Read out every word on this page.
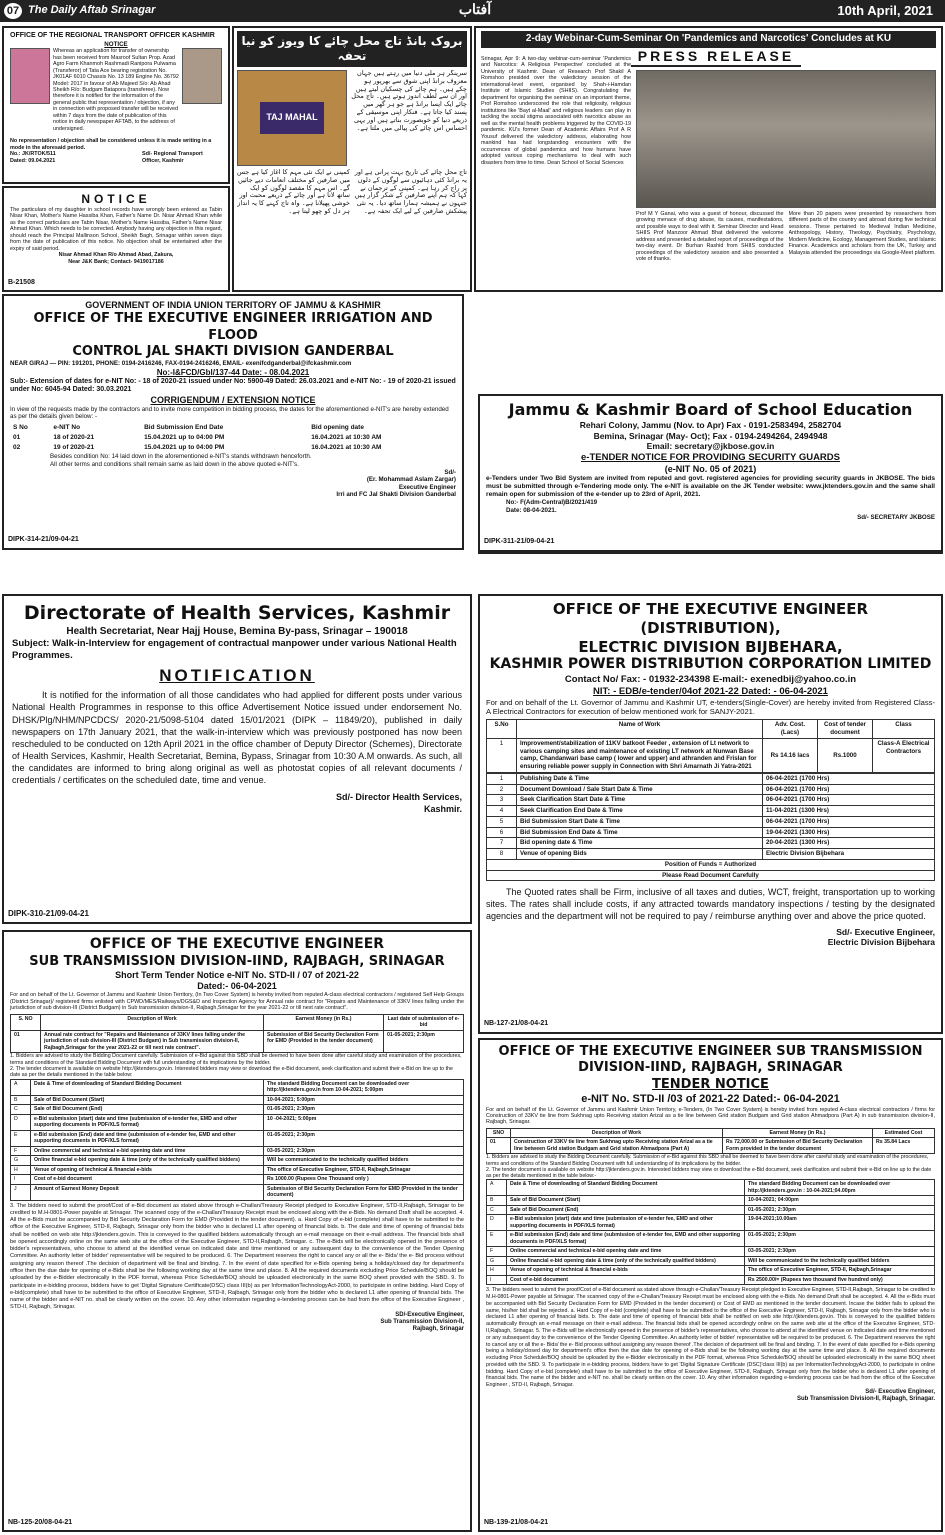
07 The Daily Aftab Srinagar	آفتاب	10th April, 2021
OFFICE OF THE REGIONAL TRANSPORT OFFICER KASHMIR
NOTICE
Whereas an application for transfer of ownership has been received from Masroof Sultan Prop. Azad Agro Farm Khanmoh Rashmadi Ranipora Pulwama (Transferor) of Tata Ace bearing registration No. JK01AF 6010 Chassis No. 13 189 Engine No. 36792 Model: 2017 in favour of Ab Majeed S/o: Ab Ahad Sheikh R/o: Budgam Batapora (transferee). Now therefore it is notified for the information of the general public that representation / objection, if any in connection with proposed transfer will be received within 7 days from the date of publication of this notice in daily newspaper AFTAB, to the address of undersigned.
No representation / objection shall be considered unless it is made writing in a mode in the aforesaid period.
No.: JK/RTOK/511
Dated: 09.04.2021
Sd/- Regional Transport Officer, Kashmir
NOTICE
The particulars of my daughter in school records have wrongly been entered as Tabin Nisar Khan, Mother's Name Hassiba Khan, Father's Name Dr. Nisar Ahmad Khan while as the correct particulars are Tabin Nisar, Mother's Name Hassiba, Father's Name Nisar Ahmad Khan. Which needs to be corrected. Anybody having any objection in this regard, should reach the Principal Mallinson School, Sheikh Bagh, Srinagar within seven days from the date of publication of this notice. No objection shall be entertained after the expiry of said period.
Nisar Ahmad Khan R/o Ahmad Abad, Zakura,
Near J&K Bank; Contact- 9419017186
B-21508
بروک بانڈ تاج محل چائے کا ویوز کو نیا تحفہ
TAJ MAHAL
سرینگر ہر ملی دنیا میں رہتے ہیں جہاں معروف برانڈ اپنی شوق سے بھرپور ہو چکے ہیں۔ ہم چائے کی چسکیاں لیتے ہیں اور ان سے لطف اندوز ہوتے ہیں۔ تاج محل چائے ایک ایسا برانڈ ہے جو ہر گھر میں پسند کیا جاتا ہے۔ فنکار اپنی موسیقی کے ذریعے دنیا کو خوبصورت بناتے ہیں اور یہی احساس اس چائے کی پیالی میں ملتا ہے۔
کمپنی نے ایک نئی مہم کا آغاز کیا ہے جس میں صارفین کو مختلف انعامات دیے جائیں گے۔ اس مہم کا مقصد لوگوں کو ایک ساتھ لانا ہے اور چائے کے ذریعے محبت اور خوشی پھیلانا ہے۔ واہ تاج کہنے کا یہ انداز ہر دل کو چھو لیتا ہے۔
تاج محل چائے کی تاریخ بہت پرانی ہے اور یہ برانڈ کئی دہائیوں سے لوگوں کے دلوں پر راج کر رہا ہے۔ کمپنی کے ترجمان نے کہا کہ ہم اپنے صارفین کے شکر گزار ہیں جنہوں نے ہمیشہ ہمارا ساتھ دیا۔ یہ نئی پیشکش صارفین کے لیے ایک تحفہ ہے۔
2-day Webinar-Cum-Seminar On 'Pandemics and Narcotics' Concludes at KU
PRESS RELEASE
Srinagar, Apr 9: A two-day webinar-cum-seminar 'Pandemics and Narcotics: A Religious Perspective' concluded at the University of Kashmir. Dean of Research Prof Shakil A Romshoo presided over the valedictory session of the international-level event, organised by Shah-i-Hamdan Institute of Islamic Studies (SHIIS). Congratulating the department for organising the seminar on an important theme, Prof Romshoo underscored the role that religiosity, religious institutions like 'Bayt al-Maal' and religious leaders can play in tackling the social stigma associated with narcotics abuse as well as the mental health problems triggered by the COVID-19 pandemic. KU's former Dean of Academic Affairs Prof A R Yousuf delivered the valedictory address, elaborating how mankind has had longstanding encounters with the occurrences of global pandemics and how humans have adopted various coping mechanisms to deal with such disasters from time to time. Dean School of Social Sciences
Prof M Y Ganai, who was a guest of honour, discussed the growing menace of drug abuse, its causes, manifestations, and possible ways to deal with it. Seminar Director and Head SHIIS Prof Manzoor Ahmad Bhat delivered the welcome address and presented a detailed report of proceedings of the two-day event. Dr Burhan Rashid from SHIIS conducted proceedings of the valedictory session and also presented a vote of thanks.
More than 20 papers were presented by researchers from different parts of the country and abroad during five technical sessions. These pertained to Medieval Indian Medicine, Anthropology, History, Theology, Psychiatry, Psychology, Modern Medicine, Ecology, Management Studies, and Islamic Finance. Academics and scholars from the UK, Turkey and Malaysia attended the proceedings via Google-Meet platform.
GOVERNMENT OF INDIA UNION TERRITORY OF JAMMU & KASHMIR
OFFICE OF THE EXECUTIVE ENGINEER IRRIGATION AND FLOOD
CONTROL JAL SHAKTI DIVISION GANDERBAL
NEAR GIRAJ — PIN: 191201, PHONE: 0194-2416246, FAX-0194-2416246, EMAIL- exenifcdganderbal@ifckashmir.com
No:-I&FCD/Gbl/137-44 Date: - 08.04.2021
Sub:- Extension of dates for e-NIT No: - 18 of 2020-21 issued under No: 5900-49 Dated: 26.03.2021 and e-NIT No: - 19 of 2020-21 issued under No: 6045-94 Dated: 30.03.2021
CORRIGENDUM / EXTENSION NOTICE
In view of the requests made by the contractors and to invite more competition in bidding process, the dates for the aforementioned e-NIT's are hereby extended as per the details given below: -
S No	e-NIT No	Bid Submission End Date	Bid opening date
01	18 of 2020-21	15.04.2021 up to 04:00 PM	16.04.2021 at 10:30 AM
02	19 of 2020-21	15.04.2021 up to 04:00 PM	16.04.2021 at 10:30 AM
Besides condition No: 14 laid down in the aforementioned e-NIT's stands withdrawn henceforth.
All other terms and conditions shall remain same as laid down in the above quoted e-NIT's.
Sd/-
(Er. Mohammad Aslam Zargar)
Executive Engineer
Irri and FC Jal Shakti Division Ganderbal
DIPK-314-21/09-04-21
Jammu & Kashmir Board of School Education
Rehari Colony, Jammu (Nov. to Apr) Fax - 0191-2583494, 2582704
Bemina, Srinagar (May- Oct); Fax - 0194-2494264, 2494948
Email: secretary@jkbose.gov.in
e-TENDER NOTICE FOR PROVIDING SECURITY GUARDS
(e-NIT No. 05 of 2021)
e-Tenders under Two Bid System are invited from reputed and govt. registered agencies for providing security guards in JKBOSE. The bids must be submitted through e-Tendering mode only. The e-NIT is available on the JK Tender website: www.jktenders.gov.in and the same shall remain open for submission of the e-tender up to 23rd of April, 2021.
No:- F(Adm-Central)B/2021/419
Date: 08-04-2021.
Sd/- SECRETARY JKBOSE
DIPK-311-21/09-04-21
Directorate of Health Services, Kashmir
Health Secretariat, Near Hajj House, Bemina By-pass, Srinagar – 190018
Subject: Walk-in-Interview for engagement of contractual manpower under various National Health Programmes.
NOTIFICATION
It is notified for the information of all those candidates who had applied for different posts under various National Health Programmes in response to this office Advertisement Notice issued under endorsement No. DHSK/Plg/NHM/NPCDCS/ 2020-21/5098-5104 dated 15/01/2021 (DIPK – 11849/20), published in daily newspapers on 17th January 2021, that the walk-in-interview which was previously postponed has now been rescheduled to be conducted on 12th April 2021 in the office chamber of Deputy Director (Schemes), Directorate of Health Services, Kashmir, Health Secretariat, Bemina, Bypass, Srinagar from 10:30 A.M onwards. As such, all the candidates are informed to bring along original as well as photostat copies of all relevant documents / credentials / certificates on the scheduled date, time and venue.
Sd/- Director Health Services,
Kashmir.
DIPK-310-21/09-04-21
OFFICE OF THE EXECUTIVE ENGINEER (DISTRIBUTION),
ELECTRIC DIVISION BIJBEHARA,
KASHMIR POWER DISTRIBUTION CORPORATION LIMITED
Contact No/ Fax: - 01932-234398 E-mail:- exenedbij@yahoo.co.in
NIT: - EDB/e-tender/04of 2021-22 Dated: - 06-04-2021
For and on behalf of the Lt. Governor of Jammu and Kashmir UT, e-tenders(Single-Cover) are hereby invited from Registered Class-A Electrical Contractors for execution of below mentioned work for SANJY-2021.
S.No	Name of Work	Adv. Cost. (Lacs)	Cost of tender document	Class
1	Improvement/stabilization of 11KV batkoot Feeder , extension of Lt network to various camping sites and maintenance of existing LT network at Nunwan Base camp, Chandanwari base camp ( lower and upper) and athranden and Frislan for ensuring reliable power supply in Connection with Shri Amarnath Ji Yatra-2021	Rs 14.16 lacs	Rs.1000	Class-A Electrical Contractors
1	Publishing Date & Time	06-04-2021 (1700 Hrs)
2	Document Download / Sale Start Date & Time	06-04-2021 (1700 Hrs)
3	Seek Clarification Start Date & Time	06-04-2021 (1700 Hrs)
4	Seek Clarification End Date & Time	11-04-2021 (1300 Hrs)
5	Bid Submission Start Date & Time	06-04-2021 (1700 Hrs)
6	Bid Submission End Date & Time	19-04-2021 (1300 Hrs)
7	Bid opening date & Time	20-04-2021 (1300 Hrs)
8	Venue of opening Bids	Electric Division Bijbehara
Position of Funds = Authorized		
Please Read Document Carefully		
The Quoted rates shall be Firm, inclusive of all taxes and duties, WCT, freight, transportation up to working sites. The rates shall include costs, if any attracted towards mandatory inspections / testing by the designated agencies and the department will not be required to pay / reimburse anything over and above the price quoted.
Sd/- Executive Engineer,
Electric Division Bijbehara
NB-127-21/08-04-21
OFFICE OF THE EXECUTIVE ENGINEER
SUB TRANSMISSION DIVISION-IIND, RAJBAGH, SRINAGAR
Short Term Tender Notice e-NIT No. STD-II / 07 of 2021-22
Dated:- 06-04-2021
For and on behalf of the Lt. Governor of Jammu and Kashmir Union Territory, (In Two Cover System) is hereby invited from reputed A-class electrical contractors / registered Self Help Groups (District Srinagar)/ registered firms enlisted with CPWD/MES/Railways/DGS&D and Inspection Agency for Annual rate contract for "Repairs and Maintenance of 33KV lines falling under the jurisdiction of sub division-III (District Budgam) in Sub transmission division-II, Rajbagh,Srinagar for the year 2021-22 or till next rate contract".
S. NO	Description of Work	Earnest Money (in Rs.)	Last date of submission of e-bid
01	Annual rate contract for "Repairs and Maintenance of 33KV lines falling under the jurisdiction of sub division-III (District Budgam) in Sub transmission division-II, Rajbagh,Srinagar for the year 2021-22 or till next rate contract".	Submission of Bid Security Declaration Form for EMD (Provided in the tender document)	01-05-2021; 2:30pm
1. Bidders are advised to study the Bidding Document carefully. Submission of e-Bid against this SBD shall be deemed to have been done after careful study and examination of the procedures, terms and conditions of the Standard Bidding Document with full understanding of its implications by the bidder.
2. The tender document is available on website http://jktenders.gov.in. Interested bidders may view or download the e-Bid document, seek clarification and submit their e-Bid on line up to the date as per the details mentioned in the table below:
A	Date & Time of downloading of Standard Bidding Document	The standard Bidding Document can be downloaded over http://jktenders.gov.in from 10-04-2021; 5:00pm
B	Sale of Bid Document (Start)	10-04-2021; 5:00pm
C	Sale of Bid Document (End)	01-05-2021; 2:30pm
D	e-Bid submission (start) date and time (submission of e-tender fee, EMD and other supporting documents in PDF/XLS format)	10 -04-2021; 5:00pm
E	e-Bid submission (End) date and time (submission of e-tender fee, EMD and other supporting documents in PDF/XLS format)	01-05-2021; 2:30pm
F	Online commercial and technical e-bid opening date and time	03-05-2021; 2:30pm
G	Online financial e-bid opening date & time (only of the technically qualified bidders)	Will be communicated to the technically qualified bidders
H	Venue of opening of technical & financial e-bids	The office of Executive Engineer, STD-II, Rajbagh,Srinagar
I	Cost of e-bid document	Rs 1000.00 (Rupees One Thousand only )
J	Amount of Earnest Money Deposit	Submission of Bid Security Declaration Form for EMD (Provided in the tender document)
3. The bidders need to submit the proof/Cost of e-Bid document as stated above through e-Challan/Treasury Receipt pledged to Executive Engineer, STD-II,Rajbagh, Srinagar to be credited to M.H-0801-Power payable at Srinagar. The scanned copy of the e-Challan/Treasury Receipt must be enclosed along with the e-Bids. No demand Draft shall be accepted. 4. All the e-Bids must be accompanied by Bid Security Declaration Form for EMD (Provided in the tender document). a. Hard Copy of e-bid (complete) shall have to be submitted to the office of the Executive Engineer, STD-II, Rajbagh, Srinagar only from the bidder who is declared L1 after opening of financial bids. b. The date and time of opening of financial bids shall be notified on web site http://jktenders.gov.in. This is conveyed to the qualified bidders automatically through an e-mail message on their e-mail address. The financial bids shall be opened accordingly online on the same web site at the office of the Executive Engineer, STD-II,Rajbagh, Srinagar. c. The e-Bids will be electronically opened in the presence of bidder's representatives, who choose to attend at the identified venue on indicated date and time mentioned or any subsequent day to the convenience of the Tender Opening Committee. An authority letter of bidder' representative will be required to be produced. 6. The Department reserves the right to cancel any or all the e- Bids/ the e- Bid process without assigning any reason thereof .The decision of department will be final and binding. 7. In the event of date specified for e-Bids opening being a holiday/closed day for department's office then the due date for opening of e-Bids shall be the following working day at the same time and place. 8. All the required documents excluding Price Schedule/BOQ should be uploaded by the e-Bidder electronically in the PDF format, whereas Price Schedule/BOQ should be uploaded electronically in the same BOQ sheet provided with the SBD. 9. To participate in e-bidding process, bidders have to get 'Digital Signature Certificate(DSC) class III(b) as per InformationTechnologyAct-2000, to participate in online bidding. Hard Copy of e-bid(complete) shall have to be submitted to the office of Executive Engineer, STD-II, Rajbagh, Srinagar only from the bidder who is declared L1 after opening of financial bids. The name of the bidder and e-NIT no. shall be clearly written on the cover. 10. Any other information regarding e-tendering process can be had from the office of the Executive Engineer , STD-II, Rajbagh, Srinagar.
SD/-Executive Engineer,
Sub Transmission Division-II,
Rajbagh, Srinagar
NB-125-20/08-04-21
OFFICE OF THE EXECUTIVE ENGINEER SUB TRANSMISSION
DIVISION-IIND, RAJBAGH, SRINAGAR
TENDER NOTICE
e-NIT No. STD-II /03 of 2021-22 Dated:- 06-04-2021
For and on behalf of the Lt. Governor of Jammu and Kashmir Union Territory, e-Tenders, (In Two Cover System) is hereby invited from reputed A-class electrical contractors / firms for Construction of 33KV tie line from Sukhnag upto Receiving station Arizal as a tie line between Grid station Budgam and Grid station Ahmadpora (Part A) in sub transmission division-II, Rajbagh, Srinagar.
SNO	Description of Work	Earnest Money (in Rs.)	Estimated Cost
01	Construction of 33KV tie line from Sukhnag upto Receiving station Arizal as a tie line between Grid station Budgam and Grid station Ahmadpora (Part A)	Rs 72,000.00 or Submission of Bid Security Declaration Form provided in the tender document	Rs 35.84 Lacs
1. Bidders are advised to study the Bidding Document carefully. Submission of e-Bid against this SBD shall be deemed to have been done after careful study and examination of the procedures, terms and conditions of the Standard Bidding Document with full understanding of its implications by the bidder.
2. The tender document is available on website http://jktenders.gov.in. Interested bidders may view or download the e-Bid document, seek clarification and submit their e-Bid on line up to the date as per the details mentioned in the table below:-
A	Date & Time of downloading of Standard Bidding Document	The standard Bidding Document can be downloaded over http://jktenders.gov.in : 10-04-2021;04.00pm
B	Sale of Bid Document (Start)	10-04-2021; 04:00pm
C	Sale of Bid Document (End)	01-05-2021; 2:30pm
D	e-Bid submission (start) date and time (submission of e-tender fee, EMD and other supporting documents in PDF/XLS format)	19-04-2021;10.00am
E	e-Bid submission (End) date and time (submission of e-tender fee, EMD and other supporting documents in PDF/XLS format)	01-05-2021; 2:30pm
F	Online commercial and technical e-bid opening date and time	03-05-2021; 2:30pm
G	Online financial e-bid opening date & time (only of the technically qualified bidders)	Will be communicated to the technically qualified bidders
H	Venue of opening of technical & financial e-bids	The office of Executive Engineer, STD-II, Rajbagh,Srinagar
I	Cost of e-bid document	Rs 2500.00/= (Rupees two thousand five hundred only)
3. The bidders need to submit the proof/Cost of e-Bid document as stated above through e-Challan/Treasury Receipt pledged to Executive Engineer, STD-II,Rajbagh, Srinagar to be credited to M.H-0801-Power payable at Srinagar. The scanned copy of the e-Challan/Treasury Receipt must be enclosed along with the e-Bids. No demand Draft shall be accepted. 4. All the e-Bids must be accompanied with Bid Security Declaration Form for EMD (Provided in the tender document) or Cost of EMD as mentioned in the tender document. Incase the bidder fails to upload the same, his/her bid shall be rejected. a. Hard Copy of e-bid (complete) shall have to be submitted to the office of the Executive Engineer, STD-II, Rajbagh, Srinagar only from the bidder who is declared L1 after opening of financial bids. b. The date and time of opening of financial bids shall be notified on web site http://jktenders.gov.in. This is conveyed to the qualified bidders automatically through an e-mail message on their e-mail address. The financial bids shall be opened accordingly online on the same web site at the office of the Executive Engineer, STD-II,Rajbagh, Srinagar. 5. The e-Bids will be electronically opened in the presence of bidder's representatives, who choose to attend at the identified venue on indicated date and time mentioned or any subsequent day to the convenience of the Tender Opening Committee. An authority letter of bidder' representative will be required to be produced. 6. The Department reserves the right to cancel any or all the e- Bids/ the e- Bid process without assigning any reason thereof .The decision of department will be final and binding. 7. In the event of date specified for e-Bids opening being a holiday/closed day for department's office then the due date for opening of e-Bids shall be the following working day at the same time and place. 8. All the required documents excluding Price Schedule/BOQ should be uploaded by the e-Bidder electronically in the PDF format, whereas Price Schedule/BOQ should be uploaded electronically in the same BOQ sheet provided with the SBD. 9. To participate in e-bidding process, bidders have to get 'Digital Signature Certificate (DSC)'class III(b) as per InformationTechnologyAct-2000, to participate in online bidding. Hard Copy of e-bid (complete) shall have to be submitted to the office of Executive Engineer, STD-II, Rajbagh, Srinagar only from the bidder who is declared L1 after opening of financial bids. The name of the bidder and e-NIT no. shall be clearly written on the cover. 10. Any other information regarding e-tendering process can be had from the office of the Executive Engineer , STD-II, Rajbagh, Srinagar.
Sd/- Executive Engineer,
Sub Transmission Division-II, Rajbagh, Srinagar.
NB-139-21/08-04-21
